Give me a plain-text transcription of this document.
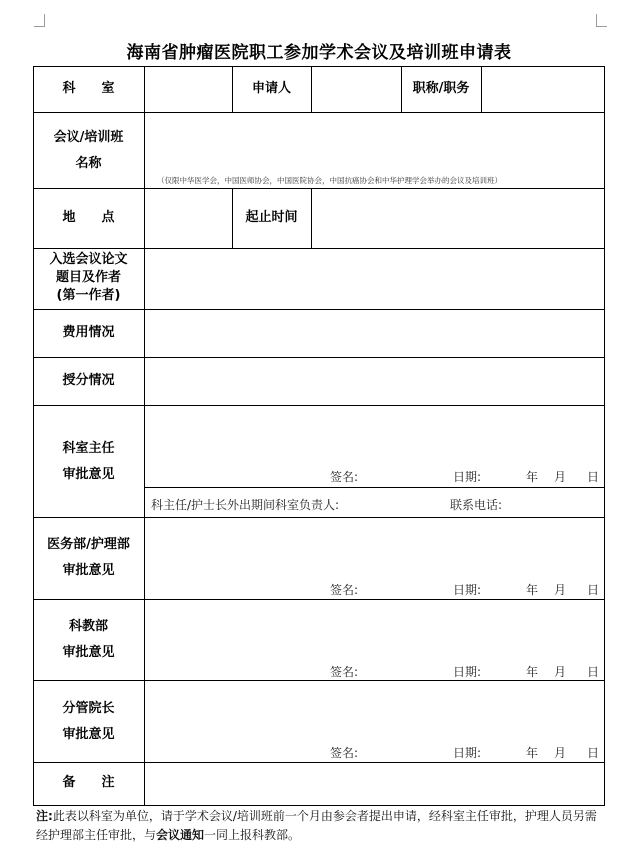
海南省肿瘤医院职工参加学术会议及培训班申请表
科　　室	申请人	职称/职务
会议/培训班
名称
（仅限中华医学会，中国医师协会，中国医院协会，中国抗癌协会和中华护理学会举办的会议及培训班）
地　　点	起止时间
入选会议论文
题目及作者
(第一作者)
费用情况
授分情况
科室主任
审批意见	签名:	日期:	年 月 日
科主任/护士长外出期间科室负责人:	联系电话:
医务部/护理部
审批意见
签名:	日期:	年 月 日
科教部
审批意见
签名:	日期:	年 月 日
分管院长
审批意见
签名:	日期:	年 月 日
备　　注
注:此表以科室为单位，请于学术会议/培训班前一个月由参会者提出申请，经科室主任审批，护理人员另需经护理部主任审批，与会议通知一同上报科教部。
